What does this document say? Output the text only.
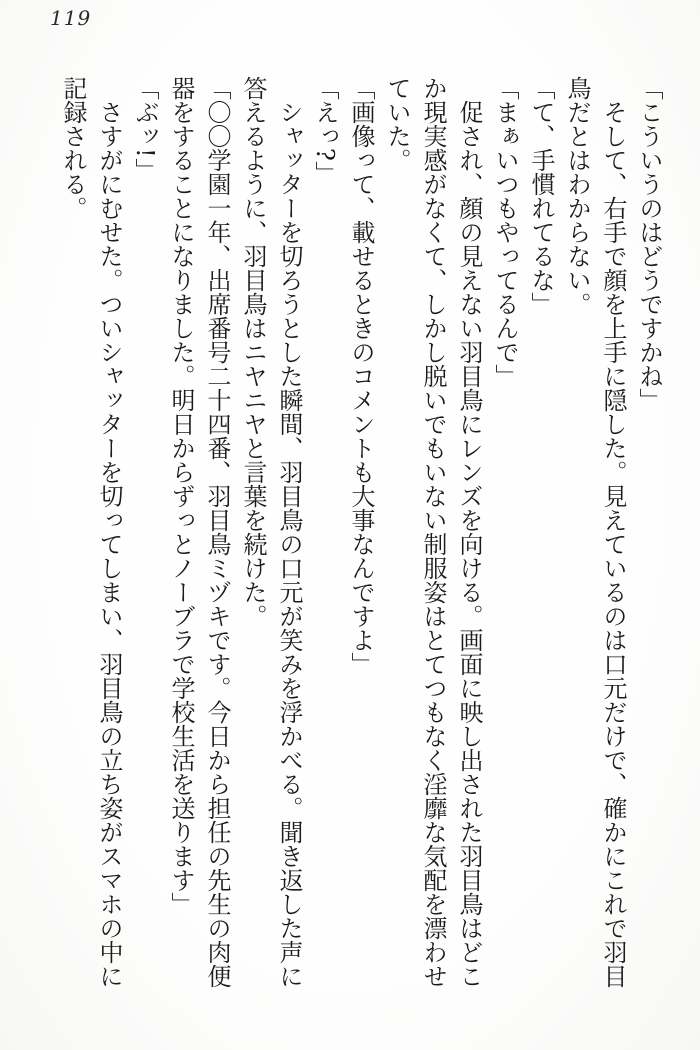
119
「こういうのはどうですかね」
そして、右手で顔を上手に隠した。見えているのは口元だけで、確かにこれで羽目
鳥だとはわからない。
「て、手慣れてるな」
「まぁいつもやってるんで」
促され、顔の見えない羽目鳥にレンズを向ける。画面に映し出された羽目鳥はどこ
か現実感がなくて、しかし脱いでもいない制服姿はとてつもなく淫靡な気配を漂わせ
ていた。
「画像って、載せるときのコメントも大事なんですよ」
「えっ?」
シャッターを切ろうとした瞬間、羽目鳥の口元が笑みを浮かべる。聞き返した声に
答えるように、羽目鳥はニヤニヤと言葉を続けた。
「〇〇学園一年、出席番号二十四番、羽目鳥ミヅキです。今日から担任の先生の肉便
器をすることになりました。明日からずっとノーブラで学校生活を送ります」
「ぶッ!」
さすがにむせた。ついシャッターを切ってしまい、羽目鳥の立ち姿がスマホの中に
記録される。
